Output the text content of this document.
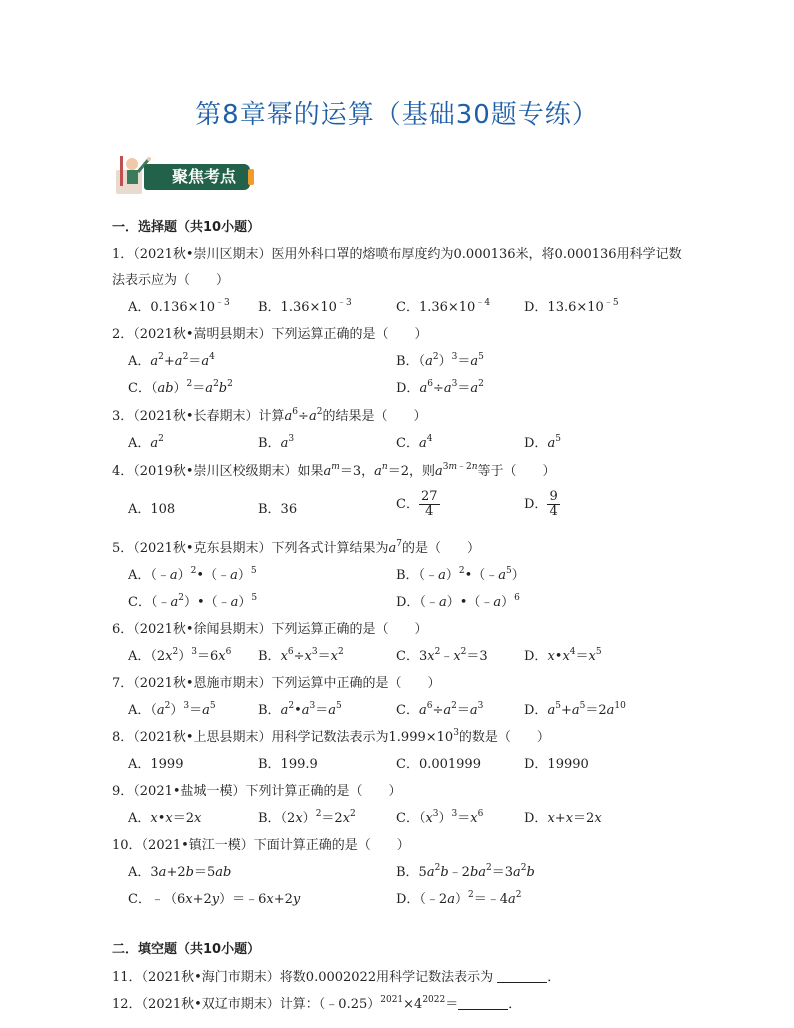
第8章幂的运算（基础30题专练）
聚焦考点
一．选择题（共10小题）
1．（2021秋•崇川区期末）医用外科口罩的熔喷布厚度约为0.000136米，将0.000136用科学记数
法表示应为（　　）
A．$0.136\times 10^{﹣3}$ B．$1.36\times 10^{﹣3}$	C．$1.36\times 10^{﹣4}$	D．$13.6\times 10^{﹣5}$
2．（2021秋•嵩明县期末）下列运算正确的是（　　）
A．$a^2+a^2=a^4$	B．$(a^2)^3=a^5$
C．$(ab)^2=a^2b^2$	D．$a^6\div a^3=a^2$
3．（2021秋•长春期末）计算$a^6\div a^2$的结果是（　　）
A．$a^2$	B．$a^3$	C．$a^4$	D．$a^5$
4．（2019秋•崇川区校级期末）如果$a^m=3$，$a^n=2$，则$a^{3m﹣2n}$等于（　　）
A．108	B．36	C． $\frac{27}{4}$	D． $\frac{9}{4}$
5．（2021秋•克东县期末）下列各式计算结果为$a^7$的是（　　）
A．（﹣a）$^2$•（﹣a）$^5$	B．$(﹣a)^2•(﹣a^5)$
C．$(﹣a^2)•(﹣a)^5$	D．（﹣a）•（﹣a）$^6$
6．（2021秋•徐闻县期末）下列运算正确的是（　　）
A．$(2x^2)^3=6x^6$ B．$x^6\div x^3=x^2$	C．$3x^2﹣x^2=3$	D．$x•x^4=x^5$
7．（2021秋•恩施市期末）下列运算中正确的是（　　）
A．$(a^2)^3=a^5$	B．$a^2•a^3=a^5$	C．$a^6\div a^2=a^3$	D．$a^5+a^5=2a^{10}$
8．（2021秋•上思县期末）用科学记数法表示为$1.999\times 10^3$的数是（　　）
A．1999	B．199.9	C．0.001999	D．19990
9．（2021•盐城一模）下列计算正确的是（　　）
A．x•x＝2x	B．$(2x)^2=2x^2$	C．$(x^3)^3=x^6$	D．x+x＝2x
10．（2021•镇江一模）下面计算正确的是（　　）
A．3a+2b＝5ab	B．$5a^2b﹣2ba^2=3a^2b$
C．﹣（6x+2y）＝﹣6x+2y	D．$(﹣2a)^2=﹣4a^2$
二．填空题（共10小题）
11．（2021秋•海门市期末）将数0.0002022用科学记数法表示为	．
12．（2021秋•双辽市期末）计算：$(﹣0.25)^{2021}\times 4^{2022}=$	．
